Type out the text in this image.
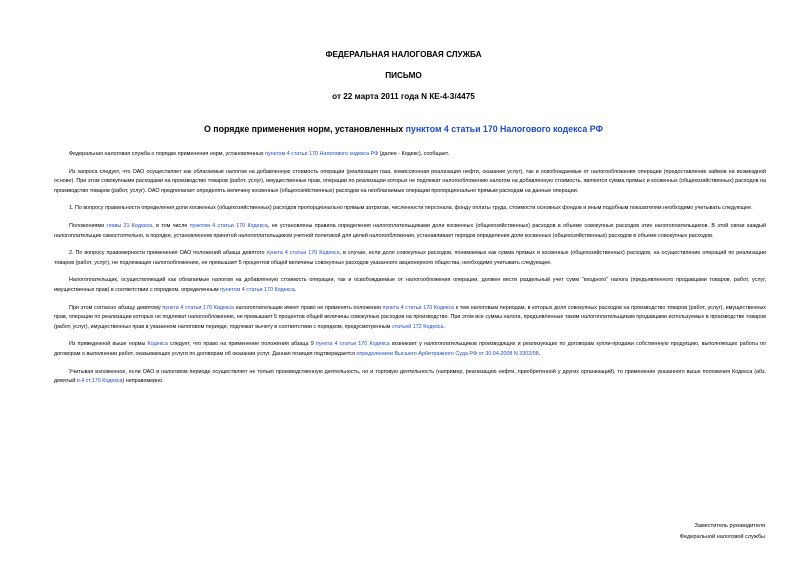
ФЕДЕРАЛЬНАЯ НАЛОГОВАЯ СЛУЖБА
ПИСЬМО
от 22 марта 2011 года N КЕ-4-3/4475
О порядке применения норм, установленных пунктом 4 статьи 170 Налогового кодекса РФ

Федеральная налоговая служба о порядке применения норм, установленных пунктом 4 статьи 170 Налогового кодекса РФ (далее - Кодекс), сообщает.

Из запроса следует, что ОАО осуществляет как облагаемые налогом на добавленную стоимость операции (реализация газа, комиссионная реализация нефти, оказание услуг), так и освобождаемые от налогообложения операции (предоставление займов на возмездной основе). При этом совокупными расходами на производство товаров (работ, услуг), имущественных прав, операции по реализации которых не подлежат налогообложению налогом на добавленную стоимость, являются сумма прямых и косвенных (общехозяйственных) расходов на производство товаров (работ, услуг). ОАО предполагает определять величину косвенных (общехозяйственных) расходов на необлагаемые операции пропорционально прямым расходам на данные операции.

1. По вопросу правильности определения доли косвенных (общехозяйственных) расходов пропорционально прямым затратам, численности персонала, фонду оплаты труда, стоимости основных фондов и иным подобным показателям необходимо учитывать следующее.

Положениями главы 21 Кодекса, в том числе пунктом 4 статьи 170 Кодекса, не установлены правила определения налогоплательщиками доли косвенных (общехозяйственных) расходов в объеме совокупных расходов этих налогоплательщиков. В этой связи каждый налогоплательщик самостоятельно, в порядке, установленном принятой налогоплательщиком учетной политикой для целей налогообложения, устанавливает порядок определения доли косвенных (общехозяйственных) расходов в объеме совокупных расходов.

2. По вопросу правомерности применения ОАО положений абзаца девятого пункта 4 статьи 170 Кодекса, в случае, если доля совокупных расходов, понимаемых как сумма прямых и косвенных (общехозяйственных) расходов, на осуществление операций по реализации товаров (работ, услуг), не подлежащих налогообложению, не превышает 5 процентов общей величины совокупных расходов указанного акционерного общества, необходимо учитывать следующее.

Налогоплательщик, осуществляющий как облагаемые налогом на добавленную стоимость операции, так и освобождаемые от налогообложения операции, должен вести раздельный учет сумм "входного" налога (предъявленного продавцами товаров, работ, услуг, имущественных прав) в соответствии с порядком, определенным пунктом 4 статьи 170 Кодекса.

При этом согласно абзацу девятому пункта 4 статьи 170 Кодекса налогоплательщик имеет право не применять положения пункта 4 статьи 170 Кодекса к тем налоговым периодам, в которых доля совокупных расходов на производство товаров (работ, услуг), имущественных прав, операции по реализации которых не подлежат налогообложению, не превышает 5 процентов общей величины совокупных расходов на производство. При этом все суммы налога, предъявленные таким налогоплательщикам продавцами используемых в производстве товаров (работ, услуг), имущественных прав в указанном налоговом периоде, подлежат вычету в соответствии с порядком, предусмотренным статьей 172 Кодекса.

Из приведенной выше нормы Кодекса следует, что право на применение положения абзаца 9 пункта 4 статьи 170 Кодекса возникает у налогоплательщиков производящих и реализующих по договорам купли-продажи собственную продукцию, выполняющих работы по договорам о выполнении работ, оказывающих услуги по договорам об оказании услуг. Данная позиция подтверждается определением Высшего Арбитражного Суда РФ от 30.04.2008 N 3302/08.

Учитывая изложенное, если ОАО в налоговом периоде осуществляет не только производственную деятельность, но и торговую деятельность (например, реализацию нефти, приобретенной у других организаций), то применение указанного выше положения Кодекса (абз. девятый п.4 ст.170 Кодекса) неправомерно.

Заместитель руководителя
Федеральной налоговой службы
